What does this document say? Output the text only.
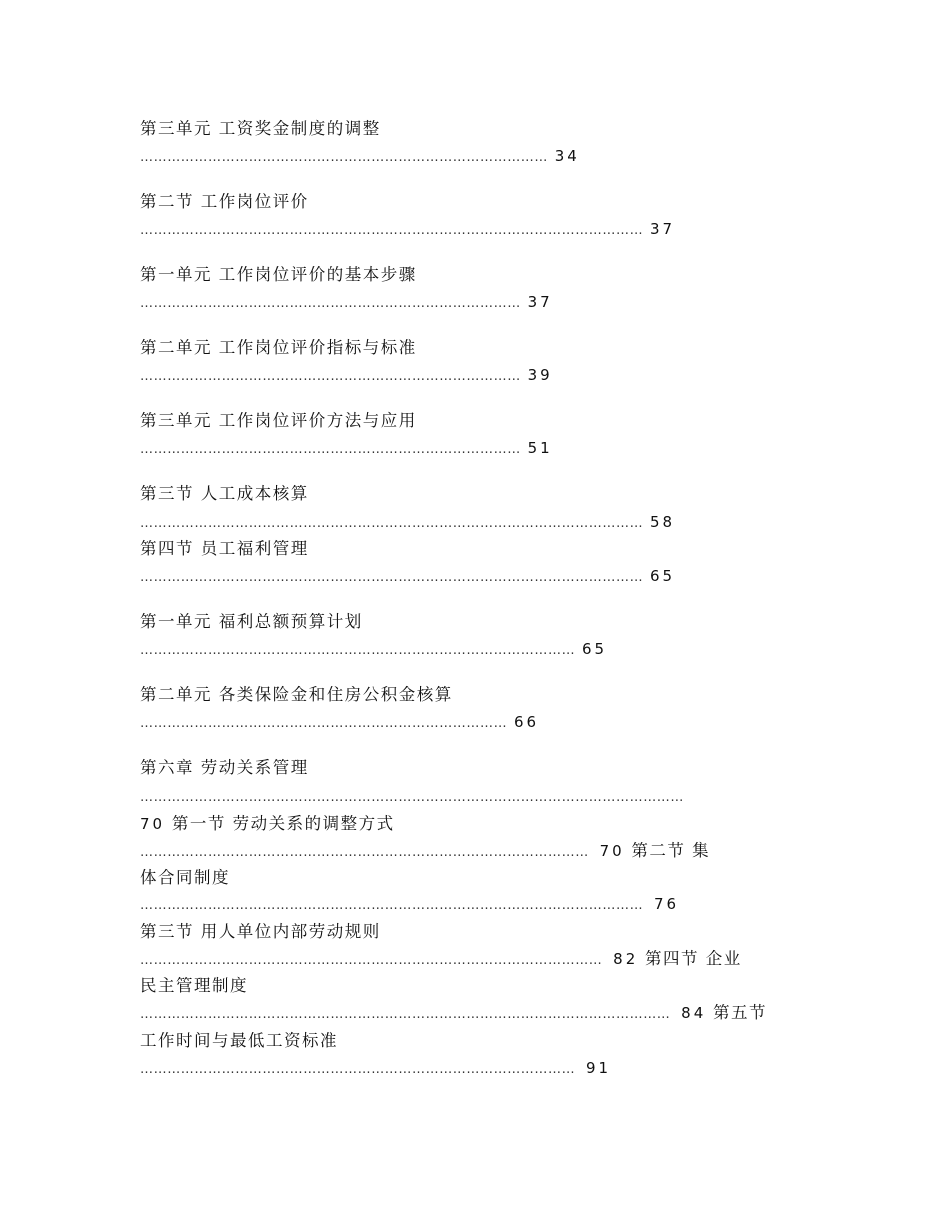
第三单元 工资奖金制度的调整
……………………………………………………………………………… 34
第二节 工作岗位评价
………………………………………………………………………………………………… 37
第一单元 工作岗位评价的基本步骤
………………………………………………………………………… 37
第二单元 工作岗位评价指标与标准
………………………………………………………………………… 39
第三单元 工作岗位评价方法与应用
………………………………………………………………………… 51
第三节 人工成本核算
………………………………………………………………………………………………… 58
第四节 员工福利管理
………………………………………………………………………………………………… 65
第一单元 福利总额预算计划
…………………………………………………………………………………… 65
第二单元 各类保险金和住房公积金核算
……………………………………………………………………… 66
第六章 劳动关系管理
…………………………………………………………………………………………………………
70 第一节 劳动关系的调整方式
……………………………………………………………………………………… 70 第二节 集
体合同制度
………………………………………………………………………………………………… 76
第三节 用人单位内部劳动规则
………………………………………………………………………………………… 82 第四节 企业
民主管理制度
……………………………………………………………………………………………………… 84 第五节
工作时间与最低工资标准
…………………………………………………………………………………… 91
